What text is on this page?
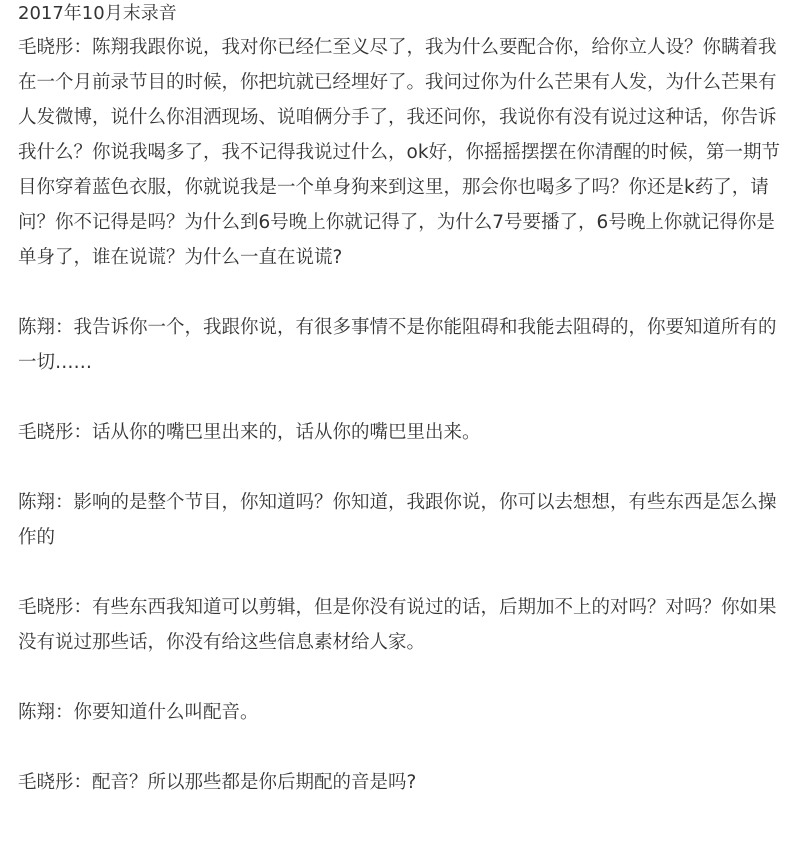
2017年10月末录音

毛晓彤：陈翔我跟你说，我对你已经仁至义尽了，我为什么要配合你，给你立人设？你瞒着我在一个月前录节目的时候，你把坑就已经埋好了。我问过你为什么芒果有人发，为什么芒果有人发微博，说什么你泪洒现场、说咱俩分手了，我还问你，我说你有没有说过这种话，你告诉我什么？你说我喝多了，我不记得我说过什么，ok好，你摇摇摆摆在你清醒的时候，第一期节目你穿着蓝色衣服，你就说我是一个单身狗来到这里，那会你也喝多了吗？你还是k药了，请问？你不记得是吗？为什么到6号晚上你就记得了，为什么7号要播了，6号晚上你就记得你是单身了，谁在说谎？为什么一直在说谎?

陈翔：我告诉你一个，我跟你说，有很多事情不是你能阻碍和我能去阻碍的，你要知道所有的一切……

毛晓彤：话从你的嘴巴里出来的，话从你的嘴巴里出来。

陈翔：影响的是整个节目，你知道吗？你知道，我跟你说，你可以去想想，有些东西是怎么操作的

毛晓彤：有些东西我知道可以剪辑，但是你没有说过的话，后期加不上的对吗？对吗？你如果没有说过那些话，你没有给这些信息素材给人家。

陈翔：你要知道什么叫配音。

毛晓彤：配音？所以那些都是你后期配的音是吗?
